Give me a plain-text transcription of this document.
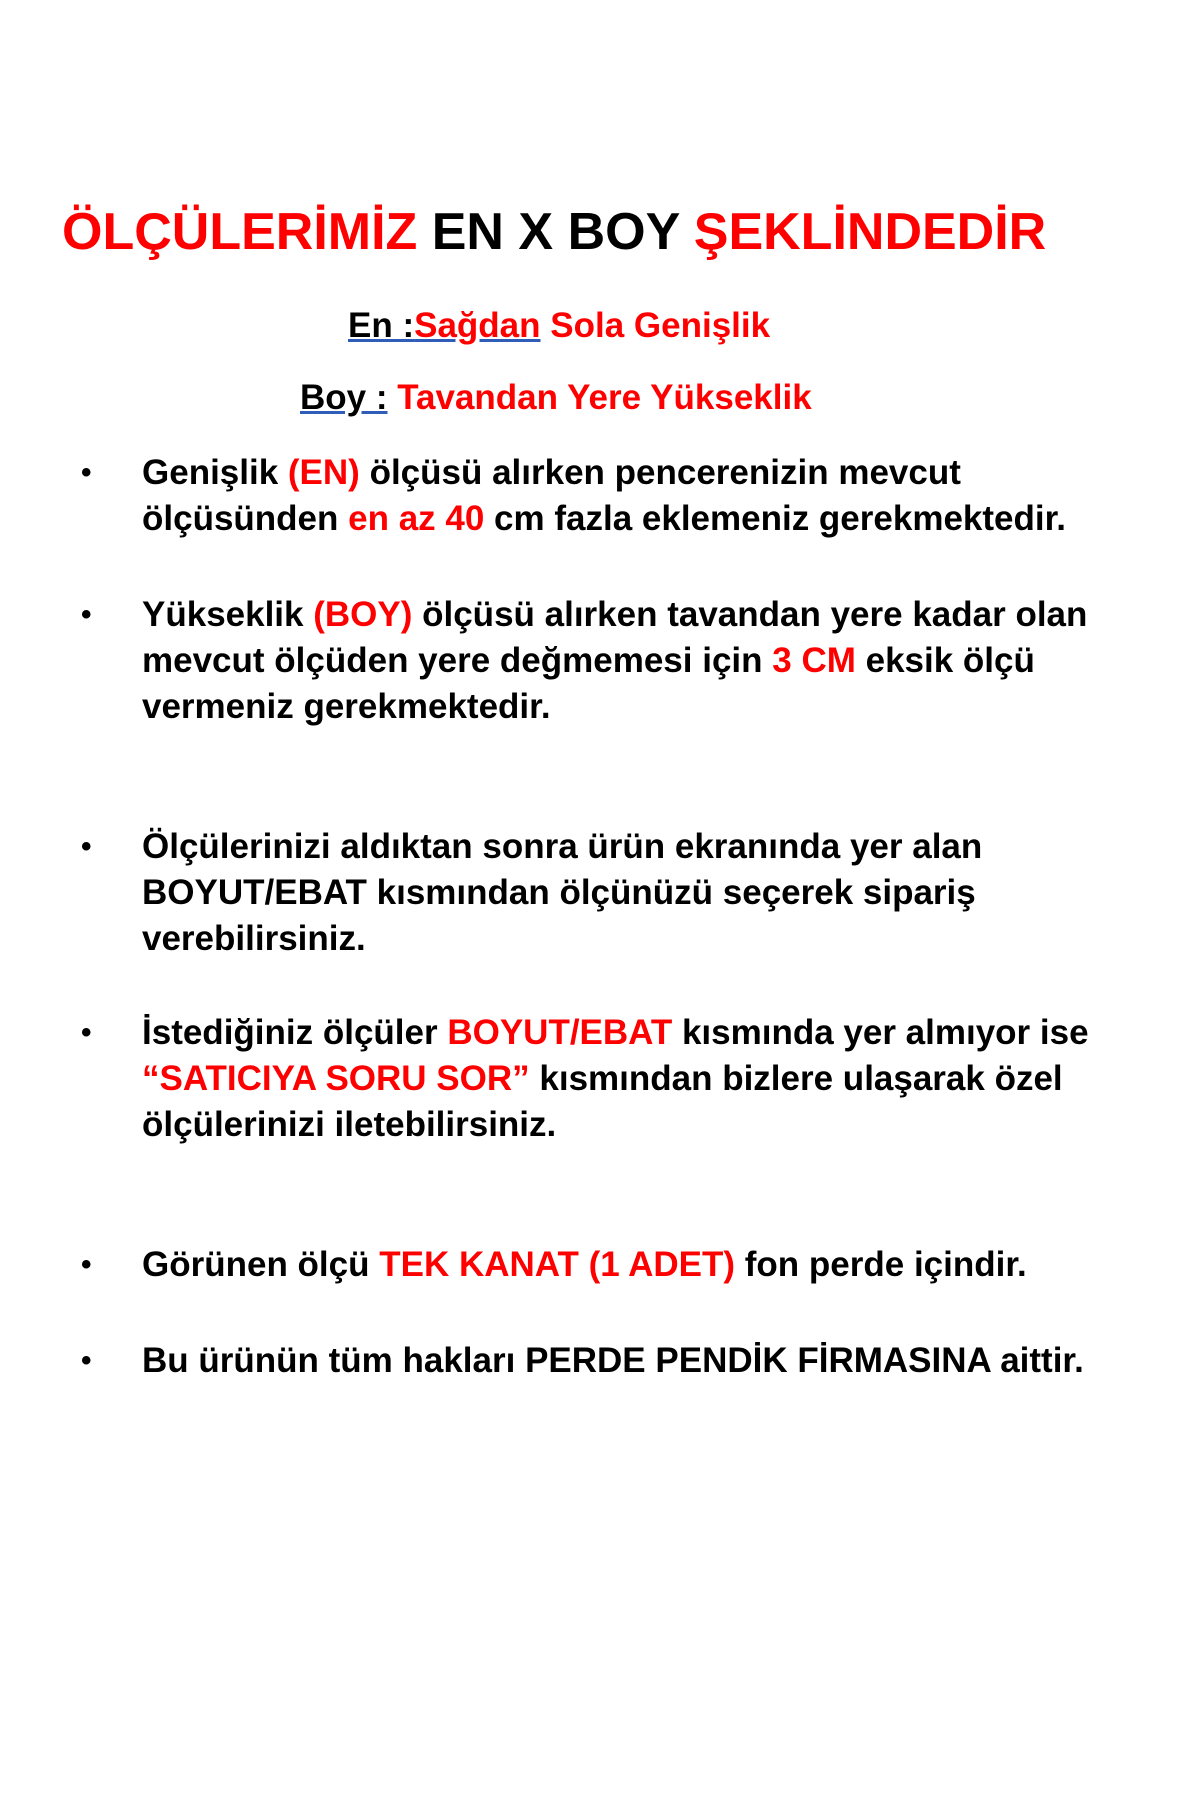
ÖLÇÜLERİMİZ EN X BOY ŞEKLİNDEDİR
En :Sağdan Sola Genişlik
Boy : Tavandan Yere Yükseklik
• Genişlik (EN) ölçüsü alırken pencerenizin mevcut ölçüsünden en az 40 cm fazla eklemeniz gerekmektedir.
• Yükseklik (BOY) ölçüsü alırken tavandan yere kadar olan mevcut ölçüden yere değmemesi için 3 CM eksik ölçü vermeniz gerekmektedir.
• Ölçülerinizi aldıktan sonra ürün ekranında yer alan BOYUT/EBAT kısmından ölçünüzü seçerek sipariş verebilirsiniz.
• İstediğiniz ölçüler BOYUT/EBAT kısmında yer almıyor ise “SATICIYA SORU SOR” kısmından bizlere ulaşarak özel ölçülerinizi iletebilirsiniz.
• Görünen ölçü TEK KANAT (1 ADET) fon perde içindir.
• Bu ürünün tüm hakları PERDE PENDİK FİRMASINA aittir.
